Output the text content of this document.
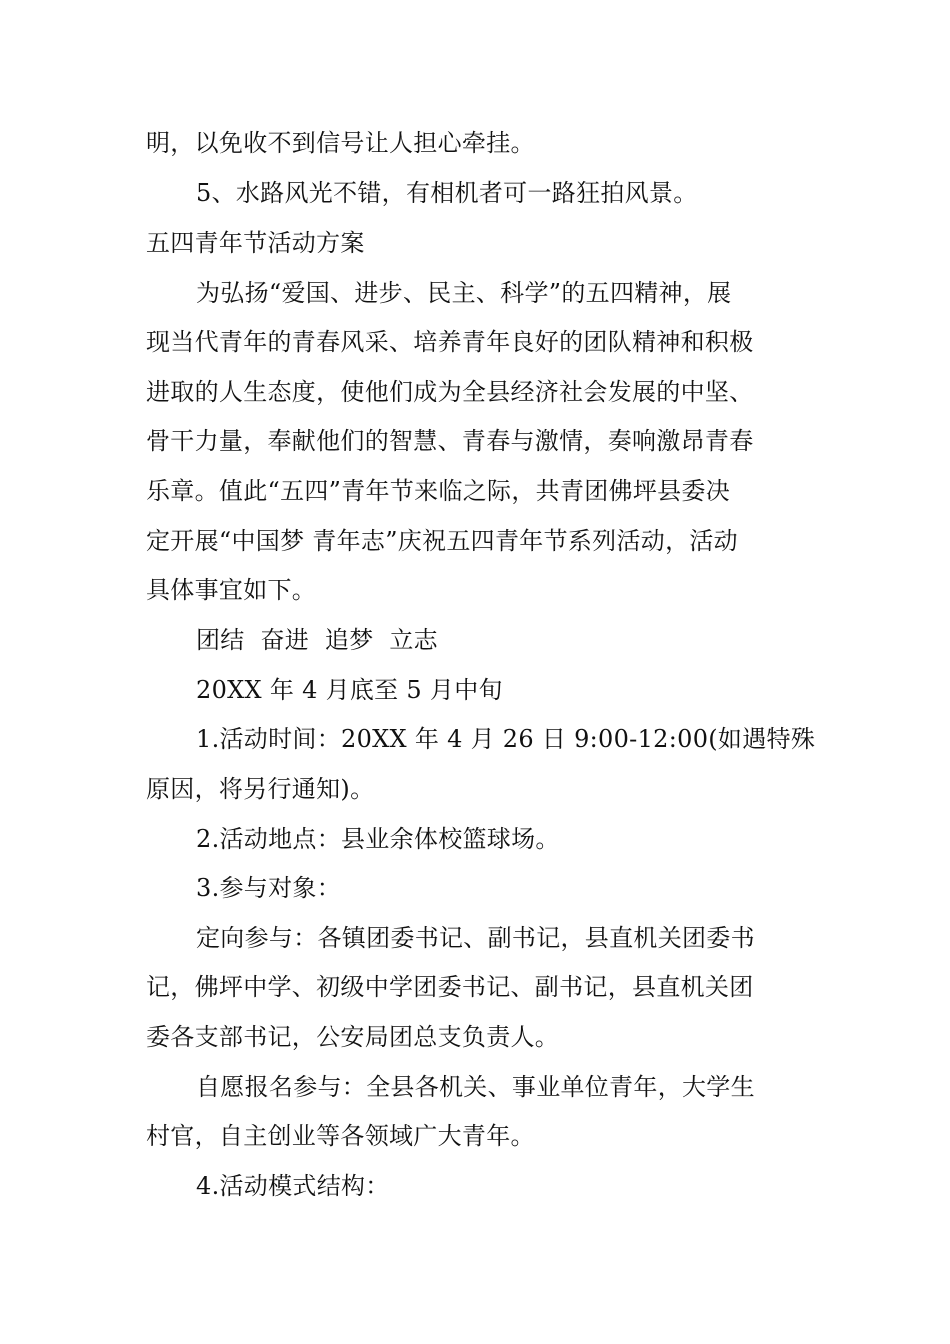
明，以免收不到信号让人担心牵挂。
5、水路风光不错，有相机者可一路狂拍风景。
五四青年节活动方案
为弘扬“爱国、进步、民主、科学”的五四精神，展
现当代青年的青春风采、培养青年良好的团队精神和积极
进取的人生态度，使他们成为全县经济社会发展的中坚、
骨干力量，奉献他们的智慧、青春与激情，奏响激昂青春
乐章。值此“五四”青年节来临之际，共青团佛坪县委决
定开展“中国梦 青年志”庆祝五四青年节系列活动，活动
具体事宜如下。
团结  奋进  追梦  立志
20XX 年 4 月底至 5 月中旬
1.活动时间：20XX 年 4 月 26 日 9:00-12:00(如遇特殊
原因，将另行通知)。
2.活动地点：县业余体校篮球场。
3.参与对象：
定向参与：各镇团委书记、副书记，县直机关团委书
记，佛坪中学、初级中学团委书记、副书记，县直机关团
委各支部书记，公安局团总支负责人。
自愿报名参与：全县各机关、事业单位青年，大学生
村官，自主创业等各领域广大青年。
4.活动模式结构：
